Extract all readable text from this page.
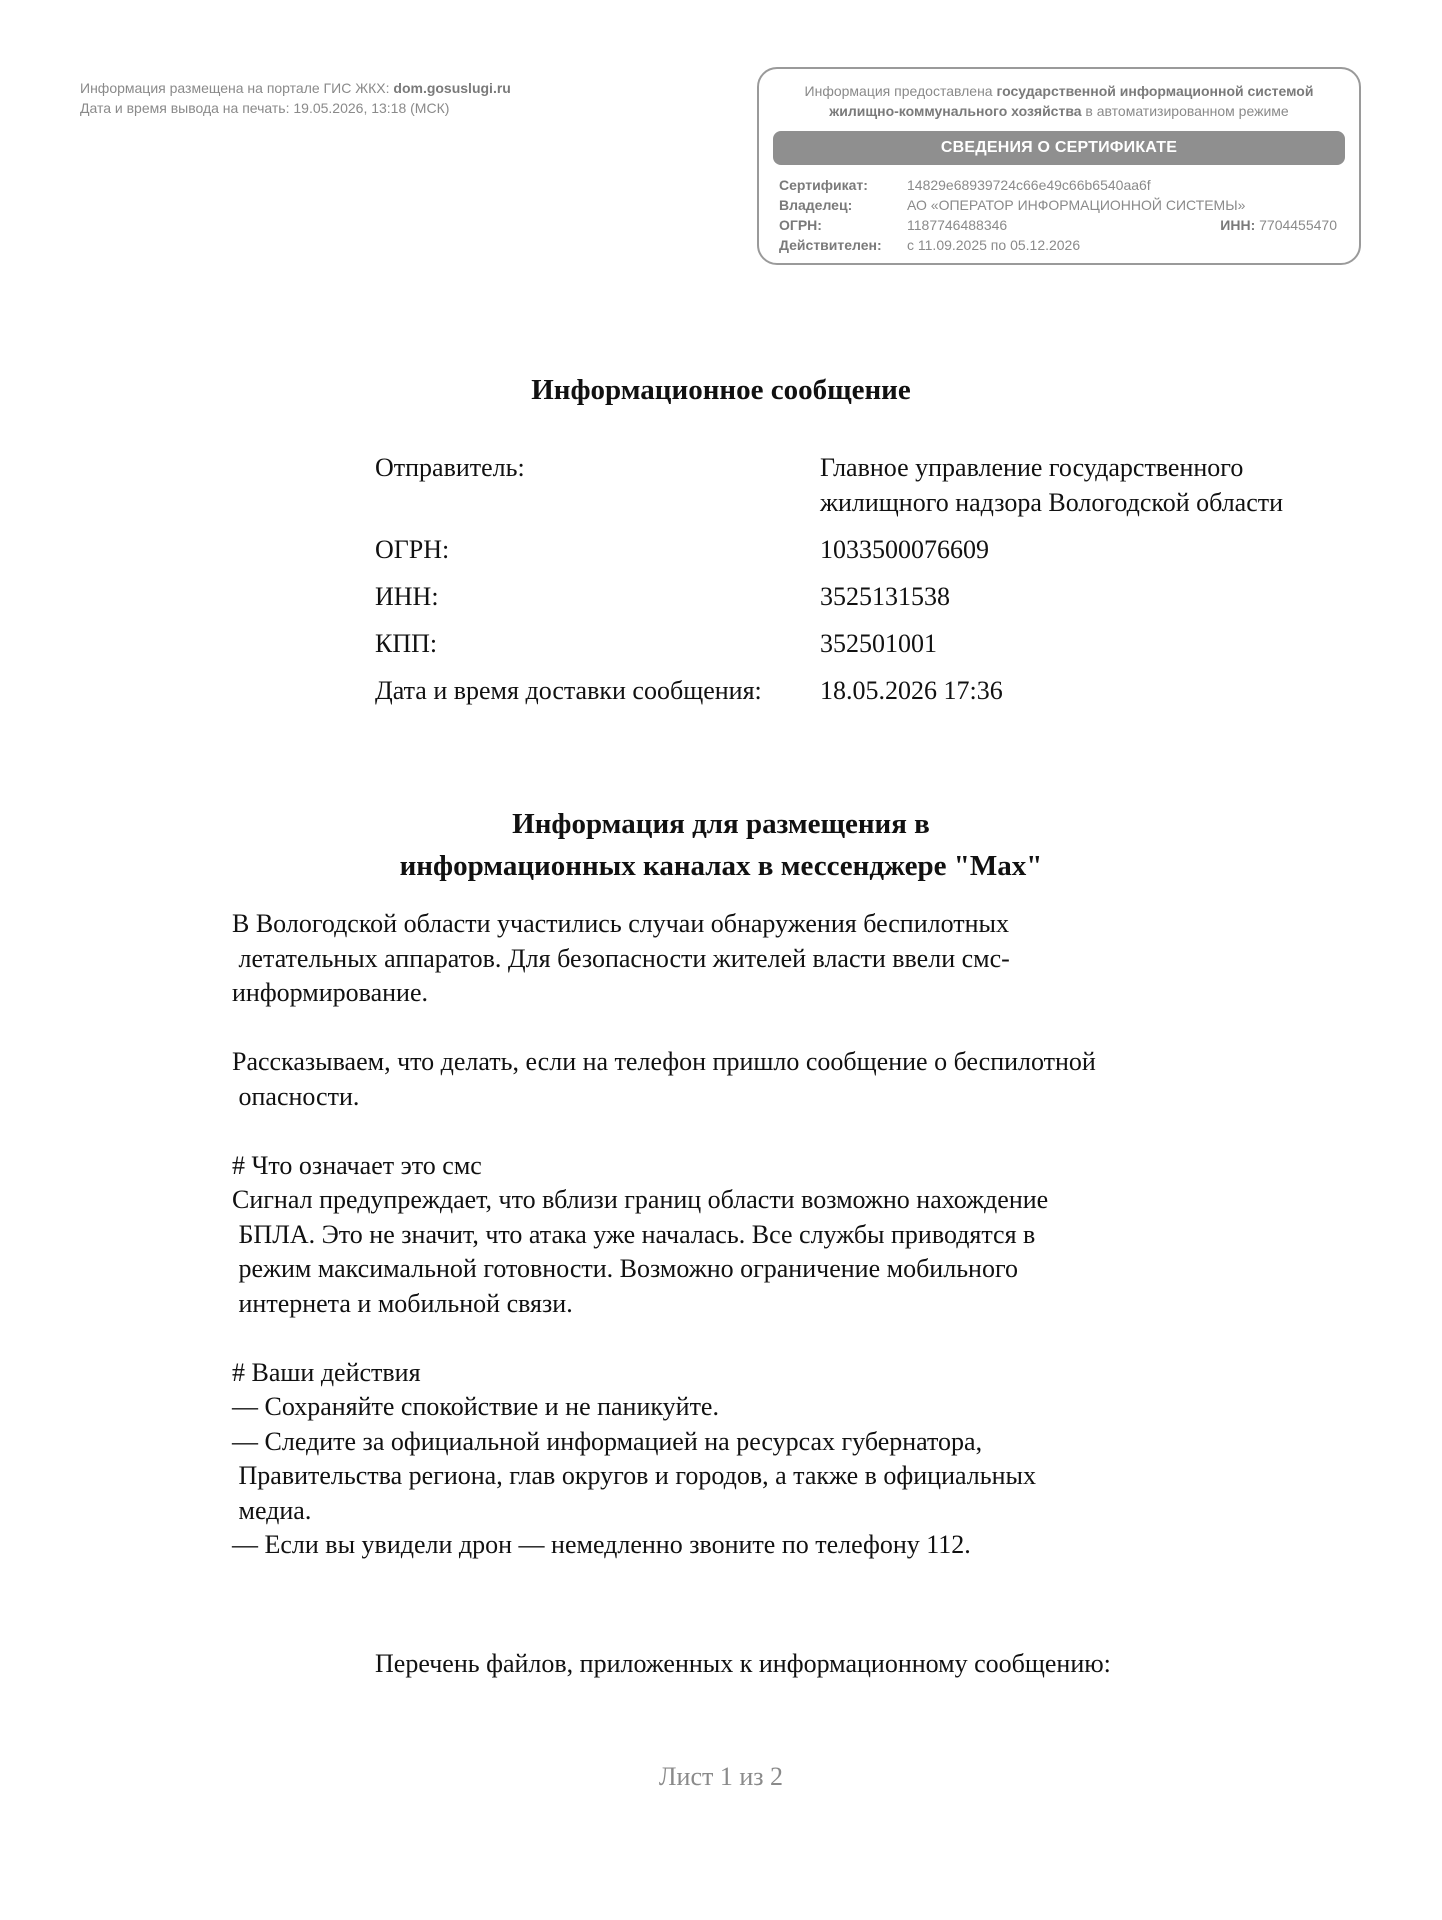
Информация размещена на портале ГИС ЖКХ: dom.gosuslugi.ru
Дата и время вывода на печать: 19.05.2026, 13:18 (МСК)
Информация предоставлена государственной информационной системой
жилищно-коммунального хозяйства в автоматизированном режиме
СВЕДЕНИЯ О СЕРТИФИКАТЕ
Сертификат:	14829e68939724c66e49c66b6540aa6f
Владелец:	АО «ОПЕРАТОР ИНФОРМАЦИОННОЙ СИСТЕМЫ»
ОГРН:	1187746488346	ИНН: 7704455470
Действителен: с 11.09.2025 по 05.12.2026
Информационное сообщение
Отправитель:	Главное управление государственного жилищного надзора Вологодской области
ОГРН:	1033500076609
ИНН:	3525131538
КПП:	352501001
Дата и время доставки сообщения:	18.05.2026 17:36
Информация для размещения в
информационных каналах в мессенджере "Max"
В Вологодской области участились случаи обнаружения беспилотных
летательных аппаратов. Для безопасности жителей власти ввели смс-
информирование.

Рассказываем, что делать, если на телефон пришло сообщение о беспилотной
опасности.

# Что означает это смс
Сигнал предупреждает, что вблизи границ области возможно нахождение
БПЛА. Это не значит, что атака уже началась. Все службы приводятся в
режим максимальной готовности. Возможно ограничение мобильного
интернета и мобильной связи.

# Ваши действия
— Сохраняйте спокойствие и не паникуйте.
— Следите за официальной информацией на ресурсах губернатора,
Правительства региона, глав округов и городов, а также в официальных
медиа.
— Если вы увидели дрон — немедленно звоните по телефону 112.
Перечень файлов, приложенных к информационному сообщению:
Лист 1 из 2
